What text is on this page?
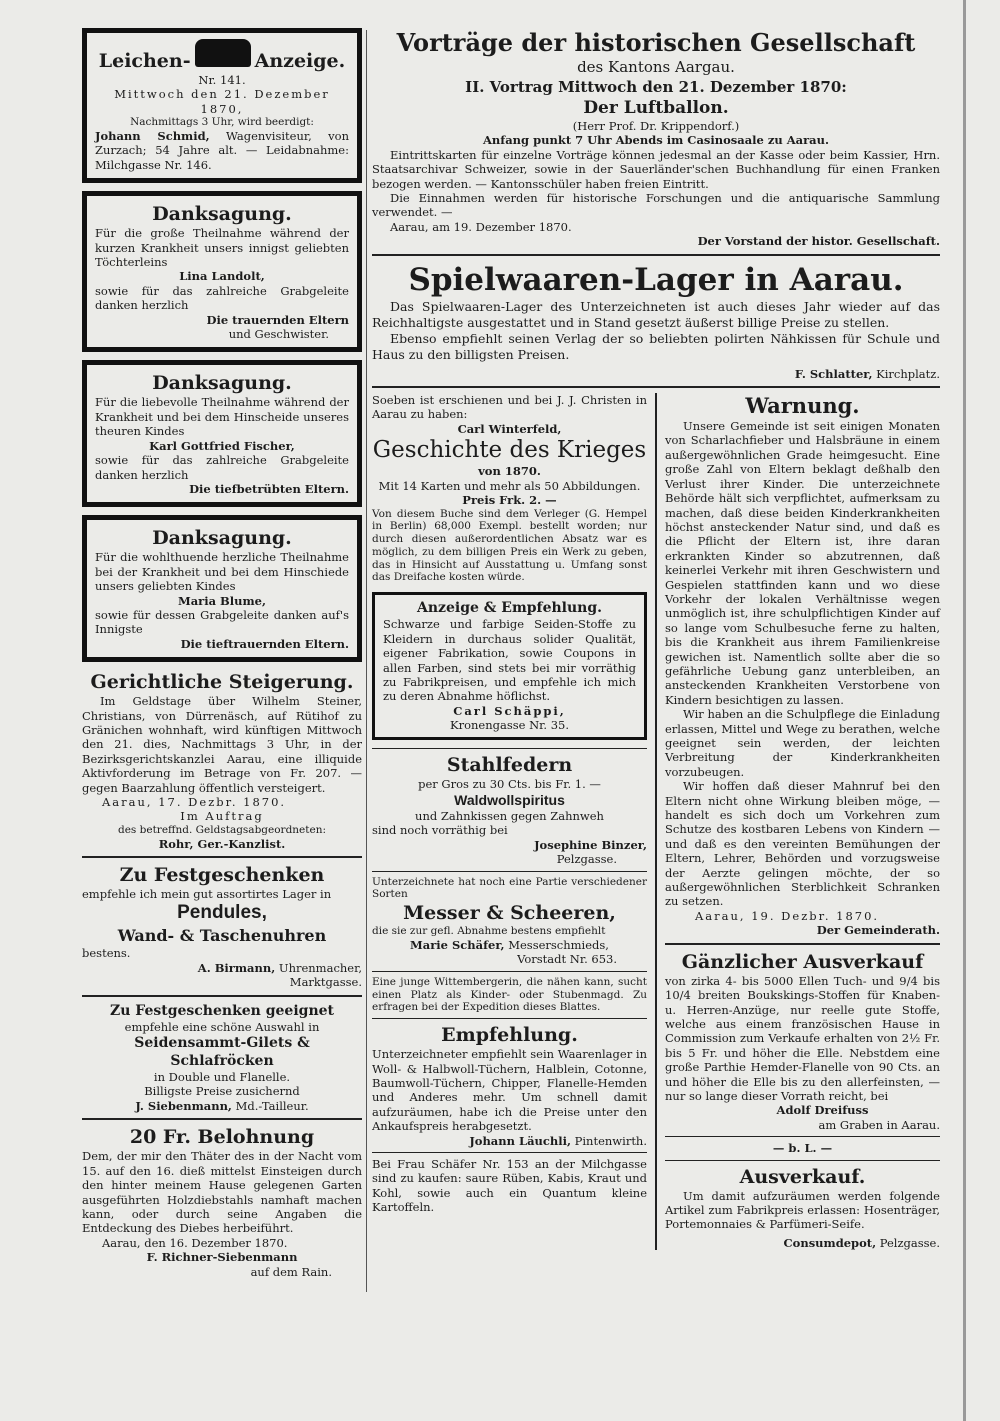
Leichen-	Anzeige.

Nr. 141.

Mittwoch den 21. Dezember 1870,

Nachmittags 3 Uhr, wird beerdigt:

Johann Schmid, Wagenvisiteur, von Zurzach; 54 Jahre alt. — Leidabnahme: Milchgasse Nr. 146.

Danksagung.

Für die große Theilnahme während der kurzen Krankheit unsers innigst geliebten Töchterleins

Lina Landolt,

sowie für das zahlreiche Grabgeleite danken herzlich

Die trauernden Eltern

und Geschwister.

Danksagung.

Für die liebevolle Theilnahme während der Krankheit und bei dem Hinscheide unseres theuren Kindes

Karl Gottfried Fischer,

sowie für das zahlreiche Grabgeleite danken herzlich

Die tiefbetrübten Eltern.

Danksagung.

Für die wohlthuende herzliche Theilnahme bei der Krankheit und bei dem Hinschiede unsers geliebten Kindes

Maria Blume,

sowie für dessen Grabgeleite danken auf's Innigste

Die tieftrauernden Eltern.

Gerichtliche Steigerung.

Im Geldstage über Wilhelm Steiner, Christians, von Dürrenäsch, auf Rütihof zu Gränichen wohnhaft, wird künftigen Mittwoch den 21. dies, Nachmittags 3 Uhr, in der Bezirksgerichtskanzlei Aarau, eine illiquide Aktivforderung im Betrage von Fr. 207. — gegen Baarzahlung öffentlich versteigert.

Aarau, 17. Dezbr. 1870.

Im Auftrag

des betreffnd. Geldstagsabgeordneten:

Rohr, Ger.-Kanzlist.

Zu Festgeschenken

empfehle ich mein gut assortirtes Lager in

Pendules,

Wand- & Taschenuhren

bestens.

A. Birmann, Uhrenmacher,

Marktgasse.

Zu Festgeschenken geeignet

empfehle eine schöne Auswahl in

Seidensammt-Gilets & Schlafröcken

in Double und Flanelle.

Billigste Preise zusichernd

J. Siebenmann, Md.-Tailleur.

20 Fr. Belohnung

Dem, der mir den Thäter des in der Nacht vom 15. auf den 16. dieß mittelst Einsteigen durch den hinter meinem Hause gelegenen Garten ausgeführten Holzdiebstahls namhaft machen kann, oder durch seine Angaben die Entdeckung des Diebes herbeiführt.

Aarau, den 16. Dezember 1870.

F. Richner-Siebenmann

auf dem Rain.

Vorträge der historischen Gesellschaft

des Kantons Aargau.

II. Vortrag Mittwoch den 21. Dezember 1870:

Der Luftballon.

(Herr Prof. Dr. Krippendorf.)

Anfang punkt 7 Uhr Abends im Casinosaale zu Aarau.

Eintrittskarten für einzelne Vorträge können jedesmal an der Kasse oder beim Kassier, Hrn. Staatsarchivar Schweizer, sowie in der Sauerländer'schen Buchhandlung für einen Franken bezogen werden. — Kantonsschüler haben freien Eintritt.

Die Einnahmen werden für historische Forschungen und die antiquarische Sammlung verwendet. —

Aarau, am 19. Dezember 1870.

Der Vorstand der histor. Gesellschaft.

Spielwaaren-Lager in Aarau.

Das Spielwaaren-Lager des Unterzeichneten ist auch dieses Jahr wieder auf das Reichhaltigste ausgestattet und in Stand gesetzt äußerst billige Preise zu stellen.

Ebenso empfiehlt seinen Verlag der so beliebten polirten Nähkissen für Schule und Haus zu den billigsten Preisen.

F. Schlatter, Kirchplatz.

Soeben ist erschienen und bei J. J. Christen in Aarau zu haben:

Carl Winterfeld,

Geschichte des Krieges

von 1870.

Mit 14 Karten und mehr als 50 Abbildungen.

Preis Frk. 2. —

Von diesem Buche sind dem Verleger (G. Hempel in Berlin) 68,000 Exempl. bestellt worden; nur durch diesen außerordentlichen Absatz war es möglich, zu dem billigen Preis ein Werk zu geben, das in Hinsicht auf Ausstattung u. Umfang sonst das Dreifache kosten würde.

Anzeige & Empfehlung.

Schwarze und farbige Seiden-Stoffe zu Kleidern in durchaus solider Qualität, eigener Fabrikation, sowie Coupons in allen Farben, sind stets bei mir vorräthig zu Fabrikpreisen, und empfehle ich mich zu deren Abnahme höflichst.

Carl Schäppi,

Kronengasse Nr. 35.

Stahlfedern

per Gros zu 30 Cts. bis Fr. 1. —

Waldwollspiritus

und Zahnkissen gegen Zahnweh

sind noch vorräthig bei

Josephine Binzer,

Pelzgasse.

Unterzeichnete hat noch eine Partie verschiedener Sorten

Messer & Scheeren,

die sie zur gefl. Abnahme bestens empfiehlt

Marie Schäfer, Messerschmieds,

Vorstadt Nr. 653.

Eine junge Wittembergerin, die nähen kann, sucht einen Platz als Kinder- oder Stubenmagd. Zu erfragen bei der Expedition dieses Blattes.

Empfehlung.

Unterzeichneter empfiehlt sein Waarenlager in Woll- & Halbwoll-Tüchern, Halblein, Cotonne, Baumwoll-Tüchern, Chipper, Flanelle-Hemden und Anderes mehr. Um schnell damit aufzuräumen, habe ich die Preise unter den Ankaufspreis herabgesetzt.

Johann Läuchli, Pintenwirth.

Bei Frau Schäfer Nr. 153 an der Milchgasse sind zu kaufen: saure Rüben, Kabis, Kraut und Kohl, sowie auch ein Quantum kleine Kartoffeln.

Warnung.

Unsere Gemeinde ist seit einigen Monaten von Scharlachfieber und Halsbräune in einem außergewöhnlichen Grade heimgesucht. Eine große Zahl von Eltern beklagt deßhalb den Verlust ihrer Kinder. Die unterzeichnete Behörde hält sich verpflichtet, aufmerksam zu machen, daß diese beiden Kinderkrankheiten höchst ansteckender Natur sind, und daß es die Pflicht der Eltern ist, ihre daran erkrankten Kinder so abzutrennen, daß keinerlei Verkehr mit ihren Geschwistern und Gespielen stattfinden kann und wo diese Vorkehr der lokalen Verhältnisse wegen unmöglich ist, ihre schulpflichtigen Kinder auf so lange vom Schulbesuche ferne zu halten, bis die Krankheit aus ihrem Familienkreise gewichen ist. Namentlich sollte aber die so gefährliche Uebung ganz unterbleiben, an ansteckenden Krankheiten Verstorbene von Kindern besichtigen zu lassen.

Wir haben an die Schulpflege die Einladung erlassen, Mittel und Wege zu berathen, welche geeignet sein werden, der leichten Verbreitung der Kinderkrankheiten vorzubeugen.

Wir hoffen daß dieser Mahnruf bei den Eltern nicht ohne Wirkung bleiben möge, — handelt es sich doch um Vorkehren zum Schutze des kostbaren Lebens von Kindern — und daß es den vereinten Bemühungen der Eltern, Lehrer, Behörden und vorzugsweise der Aerzte gelingen möchte, der so außergewöhnlichen Sterblichkeit Schranken zu setzen.

Aarau, 19. Dezbr. 1870.

Der Gemeinderath.

Gänzlicher Ausverkauf

von zirka 4- bis 5000 Ellen Tuch- und 9/4 bis 10/4 breiten Boukskings-Stoffen für Knaben- u. Herren-Anzüge, nur reelle gute Stoffe, welche aus einem französischen Hause in Commission zum Verkaufe erhalten von 2½ Fr. bis 5 Fr. und höher die Elle. Nebstdem eine große Parthie Hemder-Flanelle von 90 Cts. an und höher die Elle bis zu den allerfeinsten, — nur so lange dieser Vorrath reicht, bei

Adolf Dreifuss

am Graben in Aarau.

— b. L. —

Ausverkauf.

Um damit aufzuräumen werden folgende Artikel zum Fabrikpreis erlassen: Hosenträger, Portemonnaies & Parfümeri-Seife.

Consumdepot, Pelzgasse.
